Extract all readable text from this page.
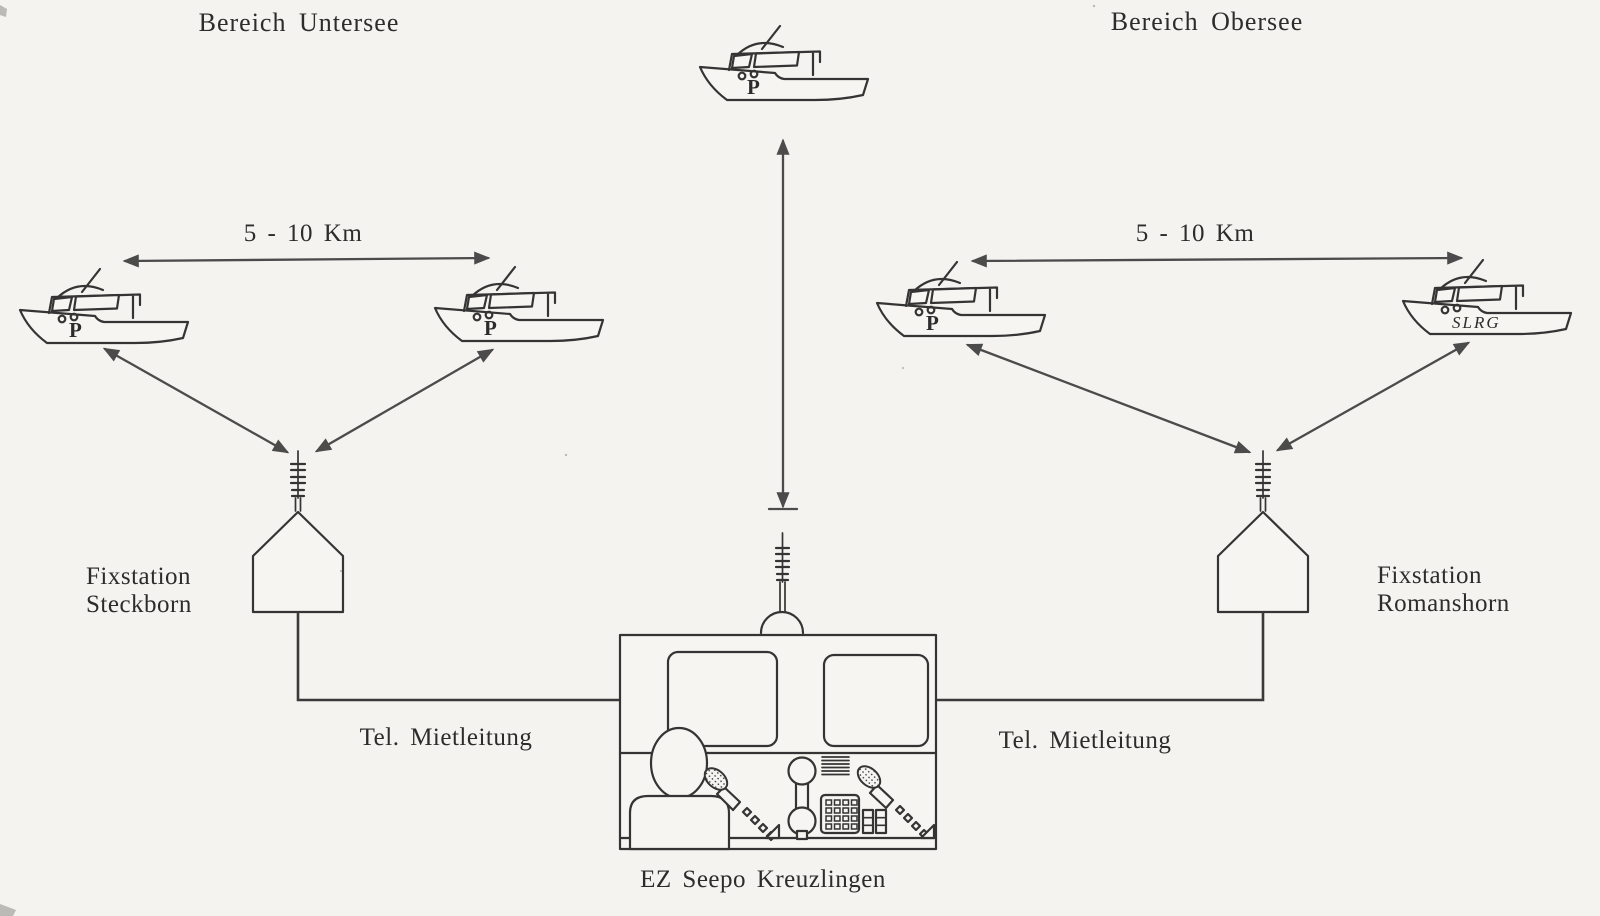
Bereich Untersee	Bereich Obersee
5 - 10 Km	5 - 10 Km
P
P	P	P	SLRG
Fixstation
Steckborn
Fixstation
Romanshorn
Tel. Mietleitung	Tel. Mietleitung
EZ Seepo Kreuzlingen
